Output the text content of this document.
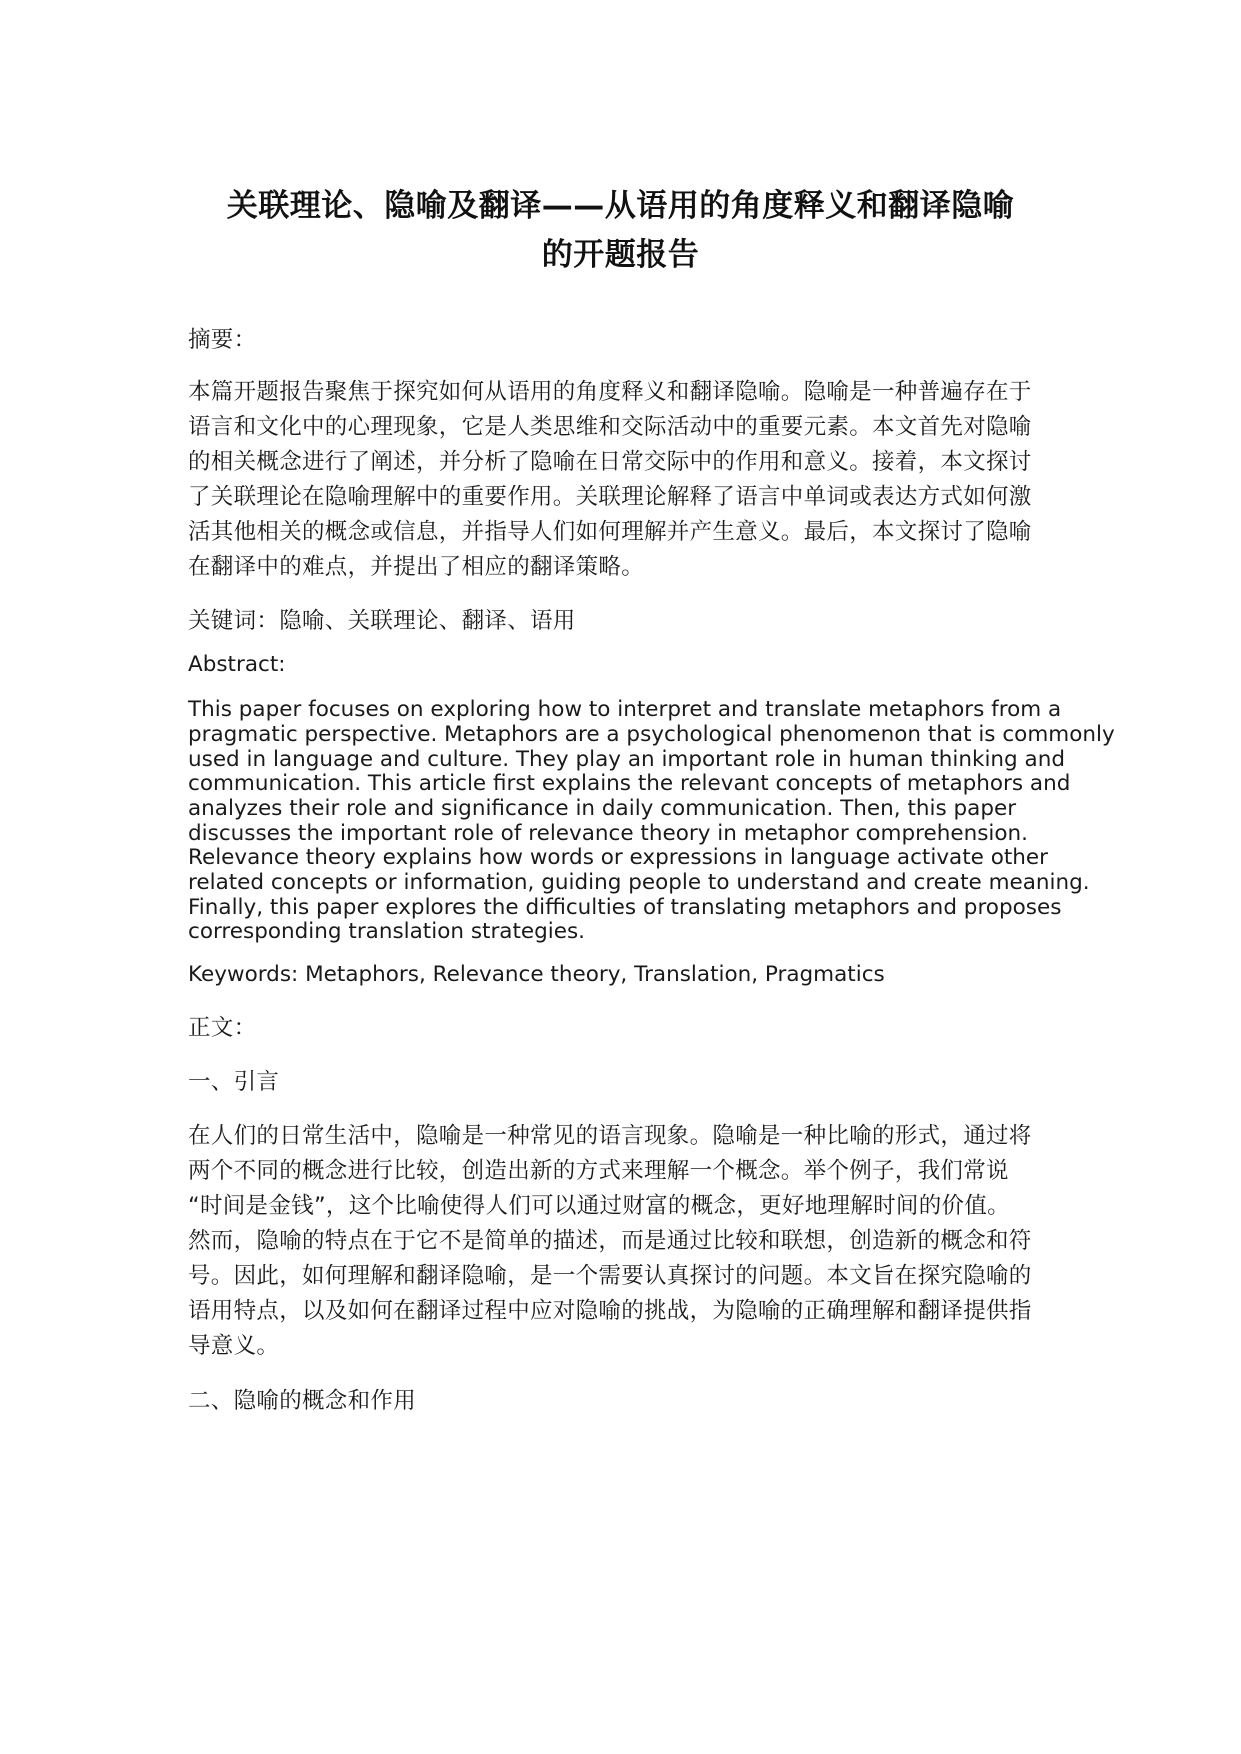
关联理论、隐喻及翻译——从语用的角度释义和翻译隐喻
的开题报告
摘要：
本篇开题报告聚焦于探究如何从语用的角度释义和翻译隐喻。隐喻是一种普遍存在于
语言和文化中的心理现象，它是人类思维和交际活动中的重要元素。本文首先对隐喻
的相关概念进行了阐述，并分析了隐喻在日常交际中的作用和意义。接着，本文探讨
了关联理论在隐喻理解中的重要作用。关联理论解释了语言中单词或表达方式如何激
活其他相关的概念或信息，并指导人们如何理解并产生意义。最后，本文探讨了隐喻
在翻译中的难点，并提出了相应的翻译策略。
关键词：隐喻、关联理论、翻译、语用
Abstract:
This paper focuses on exploring how to interpret and translate metaphors from a
pragmatic perspective. Metaphors are a psychological phenomenon that is commonly
used in language and culture. They play an important role in human thinking and
communication. This article first explains the relevant concepts of metaphors and
analyzes their role and significance in daily communication. Then, this paper
discusses the important role of relevance theory in metaphor comprehension.
Relevance theory explains how words or expressions in language activate other
related concepts or information, guiding people to understand and create meaning.
Finally, this paper explores the difficulties of translating metaphors and proposes
corresponding translation strategies.
Keywords: Metaphors, Relevance theory, Translation, Pragmatics
正文：
一、引言
在人们的日常生活中，隐喻是一种常见的语言现象。隐喻是一种比喻的形式，通过将
两个不同的概念进行比较，创造出新的方式来理解一个概念。举个例子，我们常说
“时间是金钱”，这个比喻使得人们可以通过财富的概念，更好地理解时间的价值。
然而，隐喻的特点在于它不是简单的描述，而是通过比较和联想，创造新的概念和符
号。因此，如何理解和翻译隐喻，是一个需要认真探讨的问题。本文旨在探究隐喻的
语用特点，以及如何在翻译过程中应对隐喻的挑战，为隐喻的正确理解和翻译提供指
导意义。
二、隐喻的概念和作用
